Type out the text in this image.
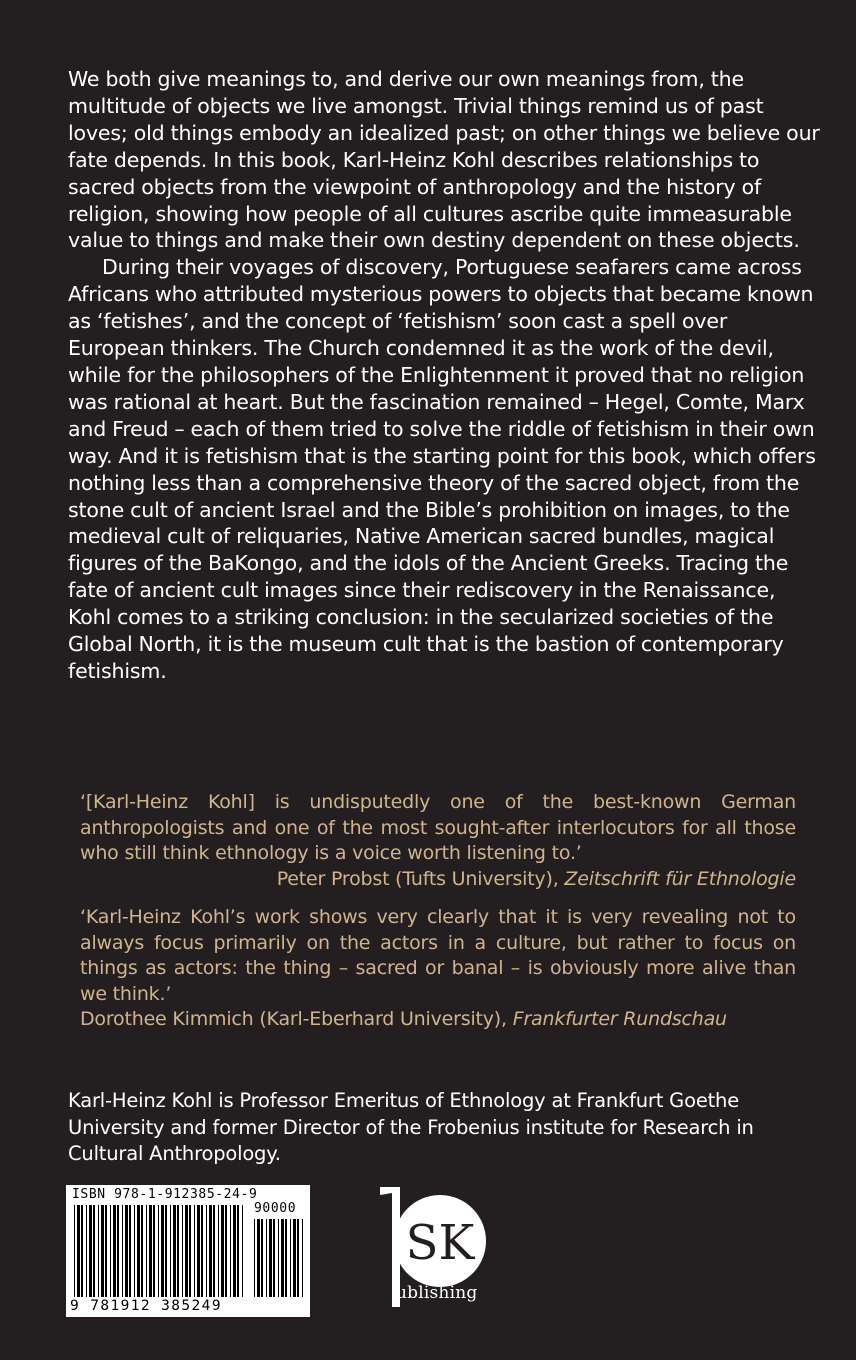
We both give meanings to, and derive our own meanings from, the multitude of objects we live amongst. Trivial things remind us of past loves; old things embody an idealized past; on other things we believe our fate depends. In this book, Karl-Heinz Kohl describes relationships to sacred objects from the viewpoint of anthropology and the history of religion, showing how people of all cultures ascribe quite immeasurable value to things and make their own destiny dependent on these objects.

During their voyages of discovery, Portuguese seafarers came across Africans who attributed mysterious powers to objects that became known as ‘fetishes’, and the concept of ‘fetishism’ soon cast a spell over European thinkers. The Church condemned it as the work of the devil, while for the philosophers of the Enlightenment it proved that no religion was rational at heart. But the fascination remained – Hegel, Comte, Marx and Freud – each of them tried to solve the riddle of fetishism in their own way. And it is fetishism that is the starting point for this book, which offers nothing less than a comprehensive theory of the sacred object, from the stone cult of ancient Israel and the Bible’s prohibition on images, to the medieval cult of reliquaries, Native American sacred bundles, magical figures of the BaKongo, and the idols of the Ancient Greeks. Tracing the fate of ancient cult images since their rediscovery in the Renaissance, Kohl comes to a striking conclusion: in the secularized societies of the Global North, it is the museum cult that is the bastion of contemporary fetishism.

‘[Karl-Heinz Kohl] is undisputedly one of the best-known German anthropologists and one of the most sought-after interlocutors for all those who still think ethnology is a voice worth listening to.’

Peter Probst (Tufts University), Zeitschrift für Ethnologie

‘Karl-Heinz Kohl’s work shows very clearly that it is very revealing not to always focus primarily on the actors in a culture, but rather to focus on things as actors: the thing – sacred or banal – is obviously more alive than we think.’

Dorothee Kimmich (Karl-Eberhard University), Frankfurter Rundschau

Karl-Heinz Kohl is Professor Emeritus of Ethnology at Frankfurt Goethe University and former Director of the Frobenius institute for Research in Cultural Anthropology.

ISBN 978-1-912385-24-9
90000
9 781912 385249
SK
ublishing
